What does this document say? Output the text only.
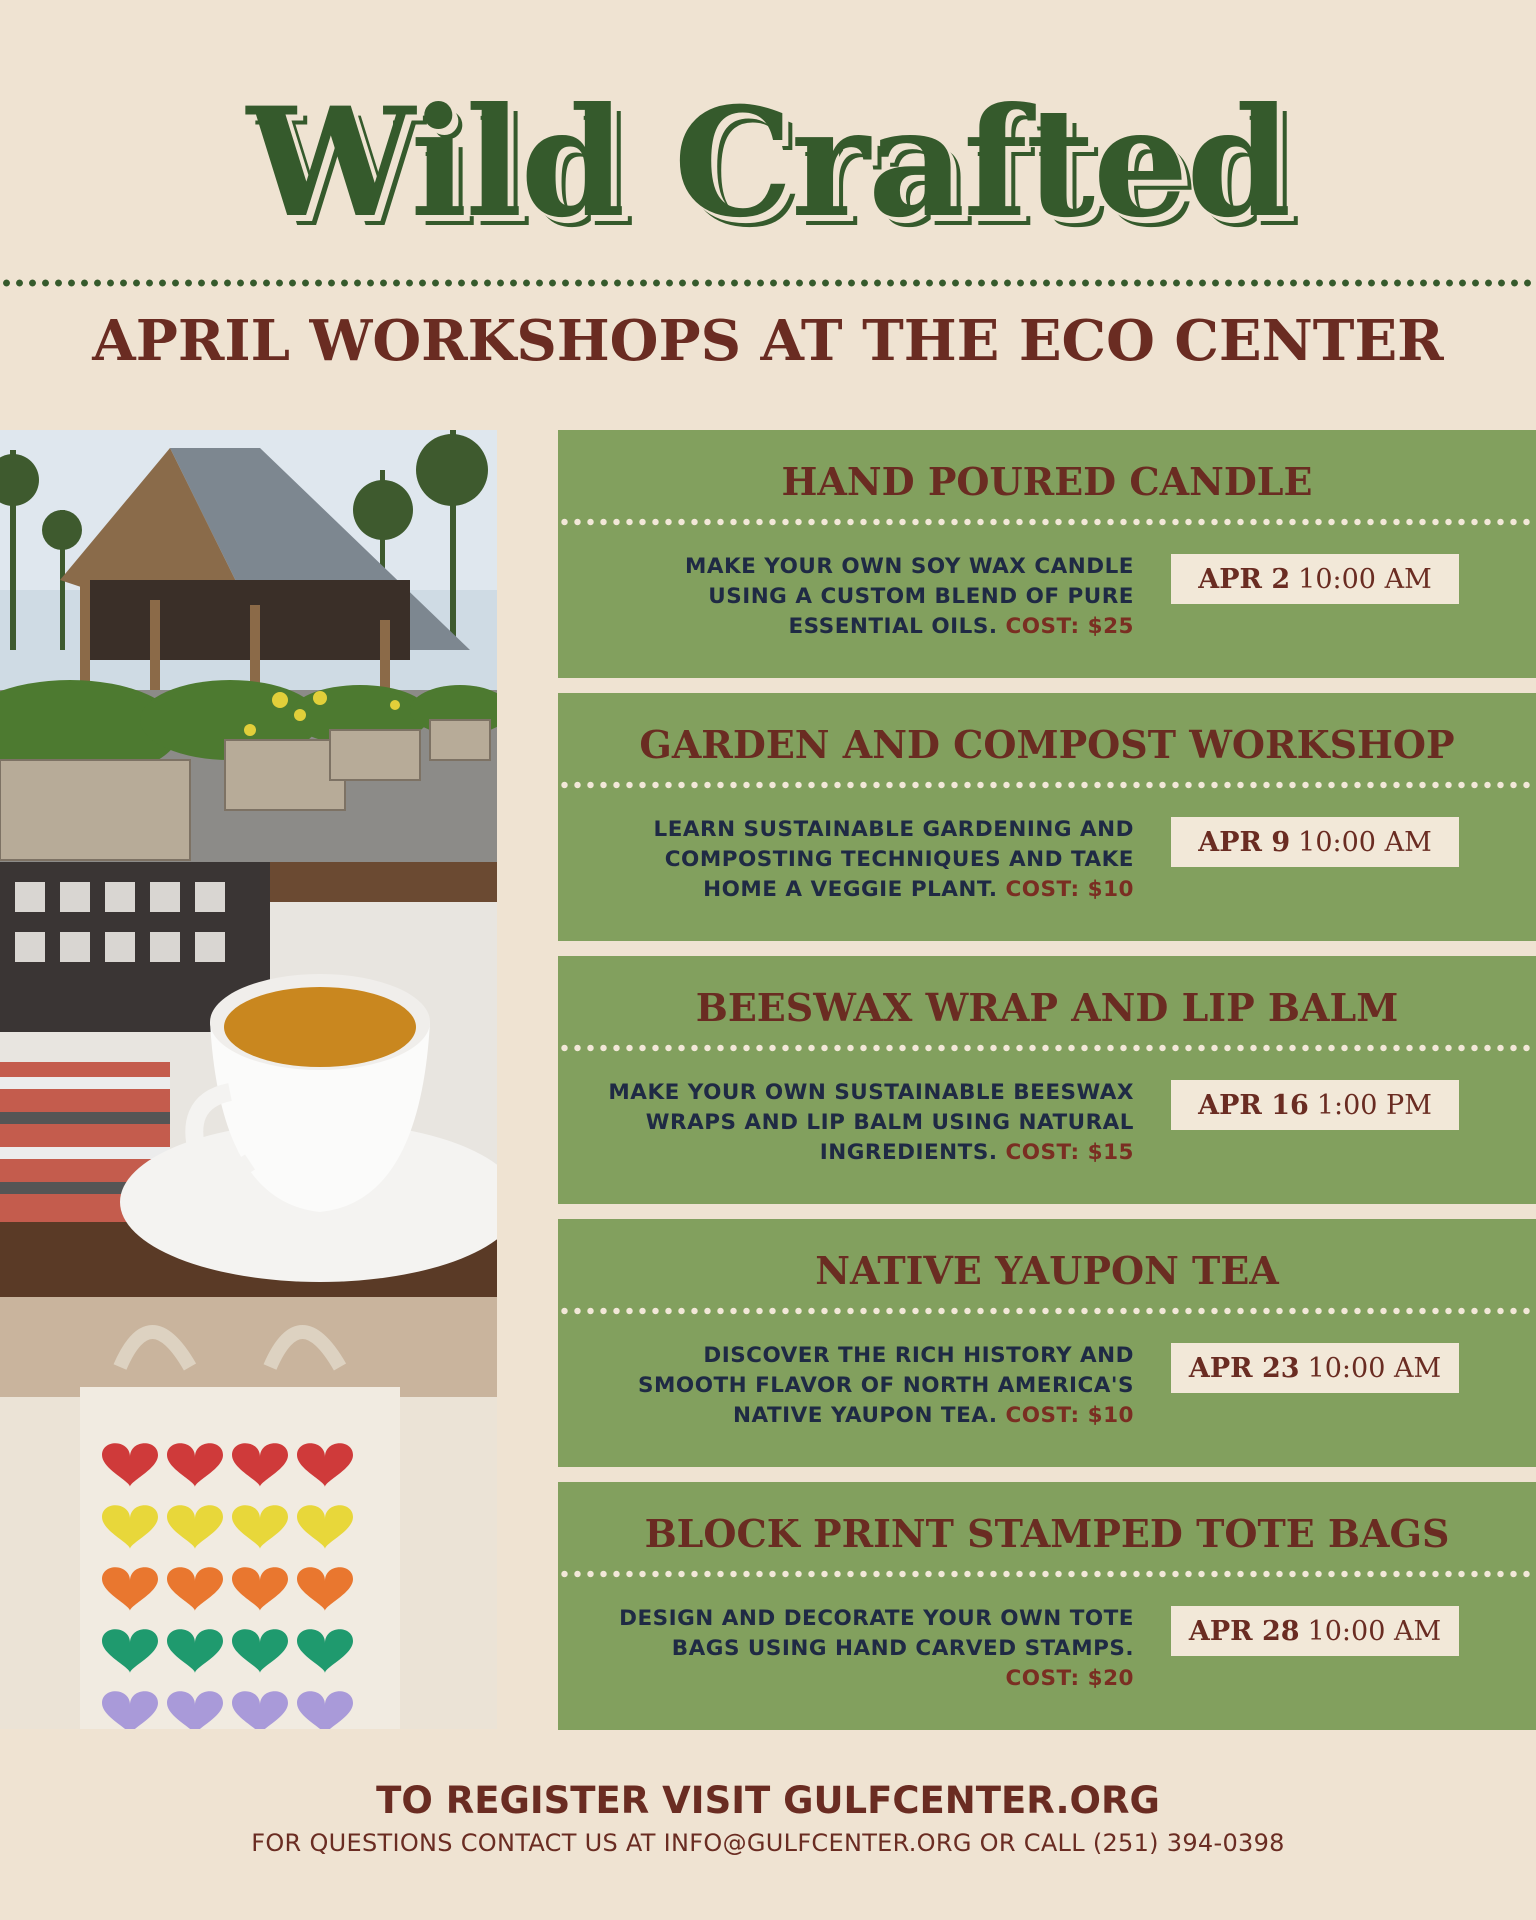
Wild Crafted
APRIL WORKSHOPS AT THE ECO CENTER
HAND POURED CANDLE
MAKE YOUR OWN SOY WAX CANDLE USING A CUSTOM BLEND OF PURE ESSENTIAL OILS. COST: $25
APR 2 10:00 AM
GARDEN AND COMPOST WORKSHOP
LEARN SUSTAINABLE GARDENING AND COMPOSTING TECHNIQUES AND TAKE HOME A VEGGIE PLANT. COST: $10
APR 9 10:00 AM
BEESWAX WRAP AND LIP BALM
MAKE YOUR OWN SUSTAINABLE BEESWAX WRAPS AND LIP BALM USING NATURAL INGREDIENTS. COST: $15
APR 16 1:00 PM
NATIVE YAUPON TEA
DISCOVER THE RICH HISTORY AND SMOOTH FLAVOR OF NORTH AMERICA'S NATIVE YAUPON TEA. COST: $10
APR 23 10:00 AM
BLOCK PRINT STAMPED TOTE BAGS
DESIGN AND DECORATE YOUR OWN TOTE BAGS USING HAND CARVED STAMPS. COST: $20
APR 28 10:00 AM
TO REGISTER VISIT GULFCENTER.ORG
FOR QUESTIONS CONTACT US AT INFO@GULFCENTER.ORG OR CALL (251) 394-0398
